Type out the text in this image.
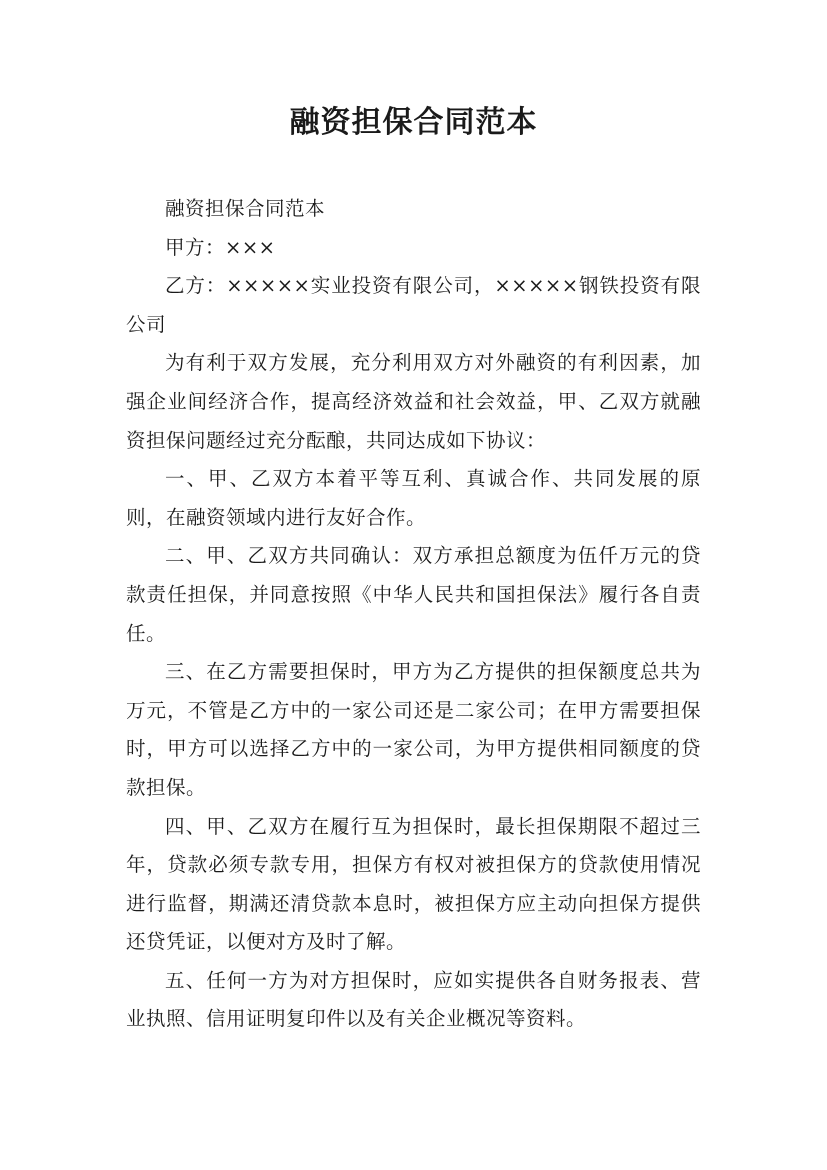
融资担保合同范本

融资担保合同范本

甲方：×××

乙方：×××××实业投资有限公司，×××××钢铁投资有限公司

为有利于双方发展，充分利用双方对外融资的有利因素，加强企业间经济合作，提高经济效益和社会效益，甲、乙双方就融资担保问题经过充分酝酿，共同达成如下协议：

一、甲、乙双方本着平等互利、真诚合作、共同发展的原则，在融资领域内进行友好合作。

二、甲、乙双方共同确认：双方承担总额度为伍仟万元的贷款责任担保，并同意按照《中华人民共和国担保法》履行各自责任。

三、在乙方需要担保时，甲方为乙方提供的担保额度总共为 万元，不管是乙方中的一家公司还是二家公司；在甲方需要担保时，甲方可以选择乙方中的一家公司，为甲方提供相同额度的贷款担保。

四、甲、乙双方在履行互为担保时，最长担保期限不超过三年，贷款必须专款专用，担保方有权对被担保方的贷款使用情况进行监督，期满还清贷款本息时，被担保方应主动向担保方提供还贷凭证，以便对方及时了解。

五、任何一方为对方担保时，应如实提供各自财务报表、营业执照、信用证明复印件以及有关企业概况等资料。
